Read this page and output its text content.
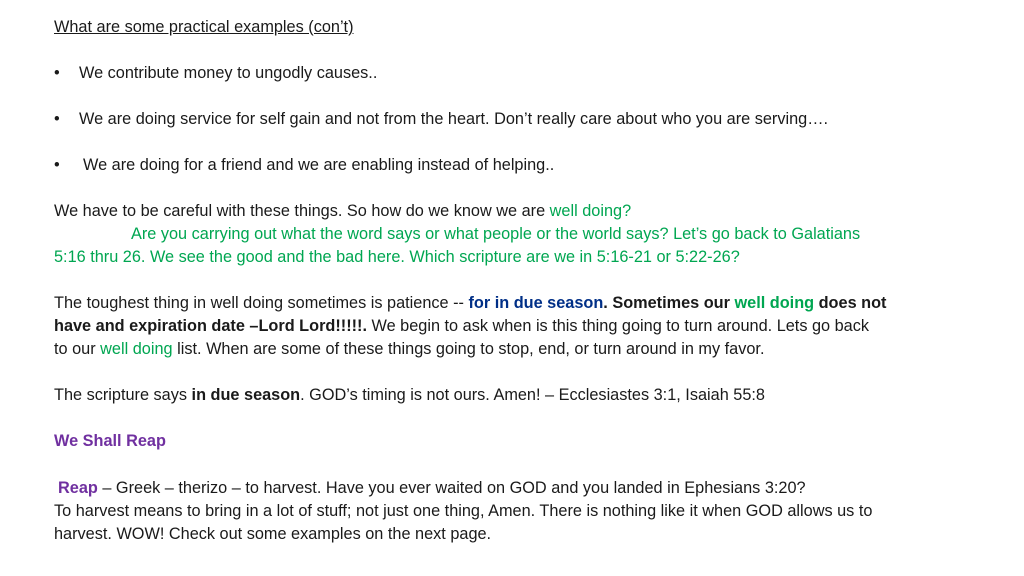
What are some practical examples (con’t)
• We contribute money to ungodly causes..
• We are doing service for self gain and not from the heart. Don’t really care about who you are serving….
• We are doing for a friend and we are enabling instead of helping..
We have to be careful with these things. So how do we know we are well doing?
Are you carrying out what the word says or what people or the world says? Let’s go back to Galatians
5:16 thru 26. We see the good and the bad here. Which scripture are we in 5:16-21 or 5:22-26?
The toughest thing in well doing sometimes is patience -- for in due season. Sometimes our well doing does not
have and expiration date –Lord Lord!!!!!. We begin to ask when is this thing going to turn around. Lets go back
to our well doing list. When are some of these things going to stop, end, or turn around in my favor.
The scripture says in due season. GOD’s timing is not ours. Amen! – Ecclesiastes 3:1, Isaiah 55:8
We Shall Reap
Reap – Greek – therizo – to harvest. Have you ever waited on GOD and you landed in Ephesians 3:20?
To harvest means to bring in a lot of stuff; not just one thing, Amen. There is nothing like it when GOD allows us to
harvest. WOW! Check out some examples on the next page.
